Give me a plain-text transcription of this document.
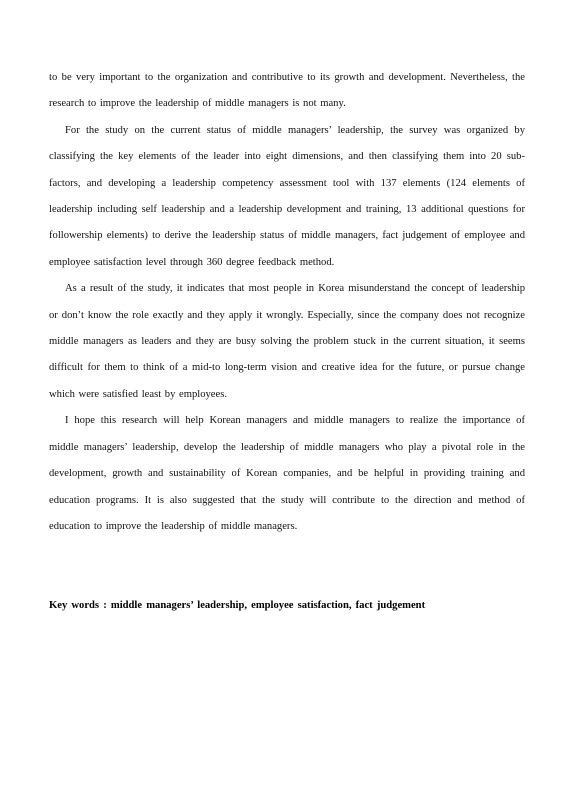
to be very important to the organization and contributive to its growth and development. Nevertheless, the research to improve the leadership of middle managers is not many.

For the study on the current status of middle managers’ leadership, the survey was organized by classifying the key elements of the leader into eight dimensions, and then classifying them into 20 sub-factors, and developing a leadership competency assessment tool with 137 elements (124 elements of leadership including self leadership and a leadership development and training, 13 additional questions for followership elements) to derive the leadership status of middle managers, fact judgement of employee and employee satisfaction level through 360 degree feedback method.

As a result of the study, it indicates that most people in Korea misunderstand the concept of leadership or don’t know the role exactly and they apply it wrongly. Especially, since the company does not recognize middle managers as leaders and they are busy solving the problem stuck in the current situation, it seems difficult for them to think of a mid-to long-term vision and creative idea for the future, or pursue change which were satisfied least by employees.

I hope this research will help Korean managers and middle managers to realize the importance of middle managers’ leadership, develop the leadership of middle managers who play a pivotal role in the development, growth and sustainability of Korean companies, and be helpful in providing training and education programs. It is also suggested that the study will contribute to the direction and method of education to improve the leadership of middle managers.

Key words : middle managers’ leadership, employee satisfaction, fact judgement
